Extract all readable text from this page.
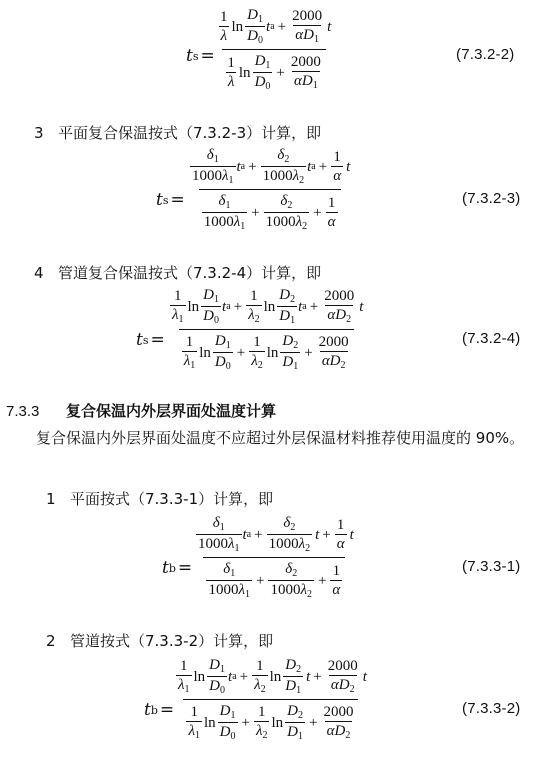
t s =
$\frac{1}{\lambda}$ $\ln \frac{D_1}{D_0}$ t $a + \frac{2000}{\alpha D_1}$ t
$\frac{1}{\lambda}$ $\ln \frac{D_1}{D_0} + \frac{2000}{\alpha D_1}$
(7.3.2-2)
3 平面复合保温按式（7.3.2-3）计算，即
t s =
$\frac{\delta_1}{1000\lambda_1}$ t $a + \frac{\delta_2}{1000\lambda_2}$ t $a + \frac{1}{\alpha}$ t
$\frac{\delta_1}{1000\lambda_1} + \frac{\delta_2}{1000\lambda_2} + \frac{1}{\alpha}$	(7.3.2-3)
4 管道复合保温按式（7.3.2-4）计算，即
t s =
$\frac{1}{\lambda_1}$ $\ln \frac{D_1}{D_0}$ t $a + \frac{1}{\lambda_2}$ $\ln \frac{D_2}{D_1}$ t $a + \frac{2000}{\alpha D_2}$ t
$\frac{1}{\lambda_1}$ $\ln \frac{D_1}{D_0} + \frac{1}{\lambda_2}$ $\ln \frac{D_2}{D_1} + \frac{2000}{\alpha D_2}$	(7.3.2-4)
7.3.3 复合保温内外层界面处温度计算
复合保温内外层界面处温度不应超过外层保温材料推荐使用温度的 90%。
1 平面按式（7.3.3-1）计算，即
t b =
$\frac{\delta_1}{1000\lambda_1}$ t $a + \frac{\delta_2}{1000\lambda_2}$ $t + \frac{1}{\alpha}$ t
$\frac{\delta_1}{1000\lambda_1} + \frac{\delta_2}{1000\lambda_2} + \frac{1}{\alpha}$	(7.3.3-1)
2 管道按式（7.3.3-2）计算，即
t b =
$\frac{1}{\lambda_1}$ $\ln \frac{D_1}{D_0}$ t $a + \frac{1}{\lambda_2}$ $\ln \frac{D_2}{D_1}$ $t + \frac{2000}{\alpha D_2}$ t
$\frac{1}{\lambda_1}$ $\ln \frac{D_1}{D_0} + \frac{1}{\lambda_2}$ $\ln \frac{D_2}{D_1} + \frac{2000}{\alpha D_2}$	(7.3.3-2)
